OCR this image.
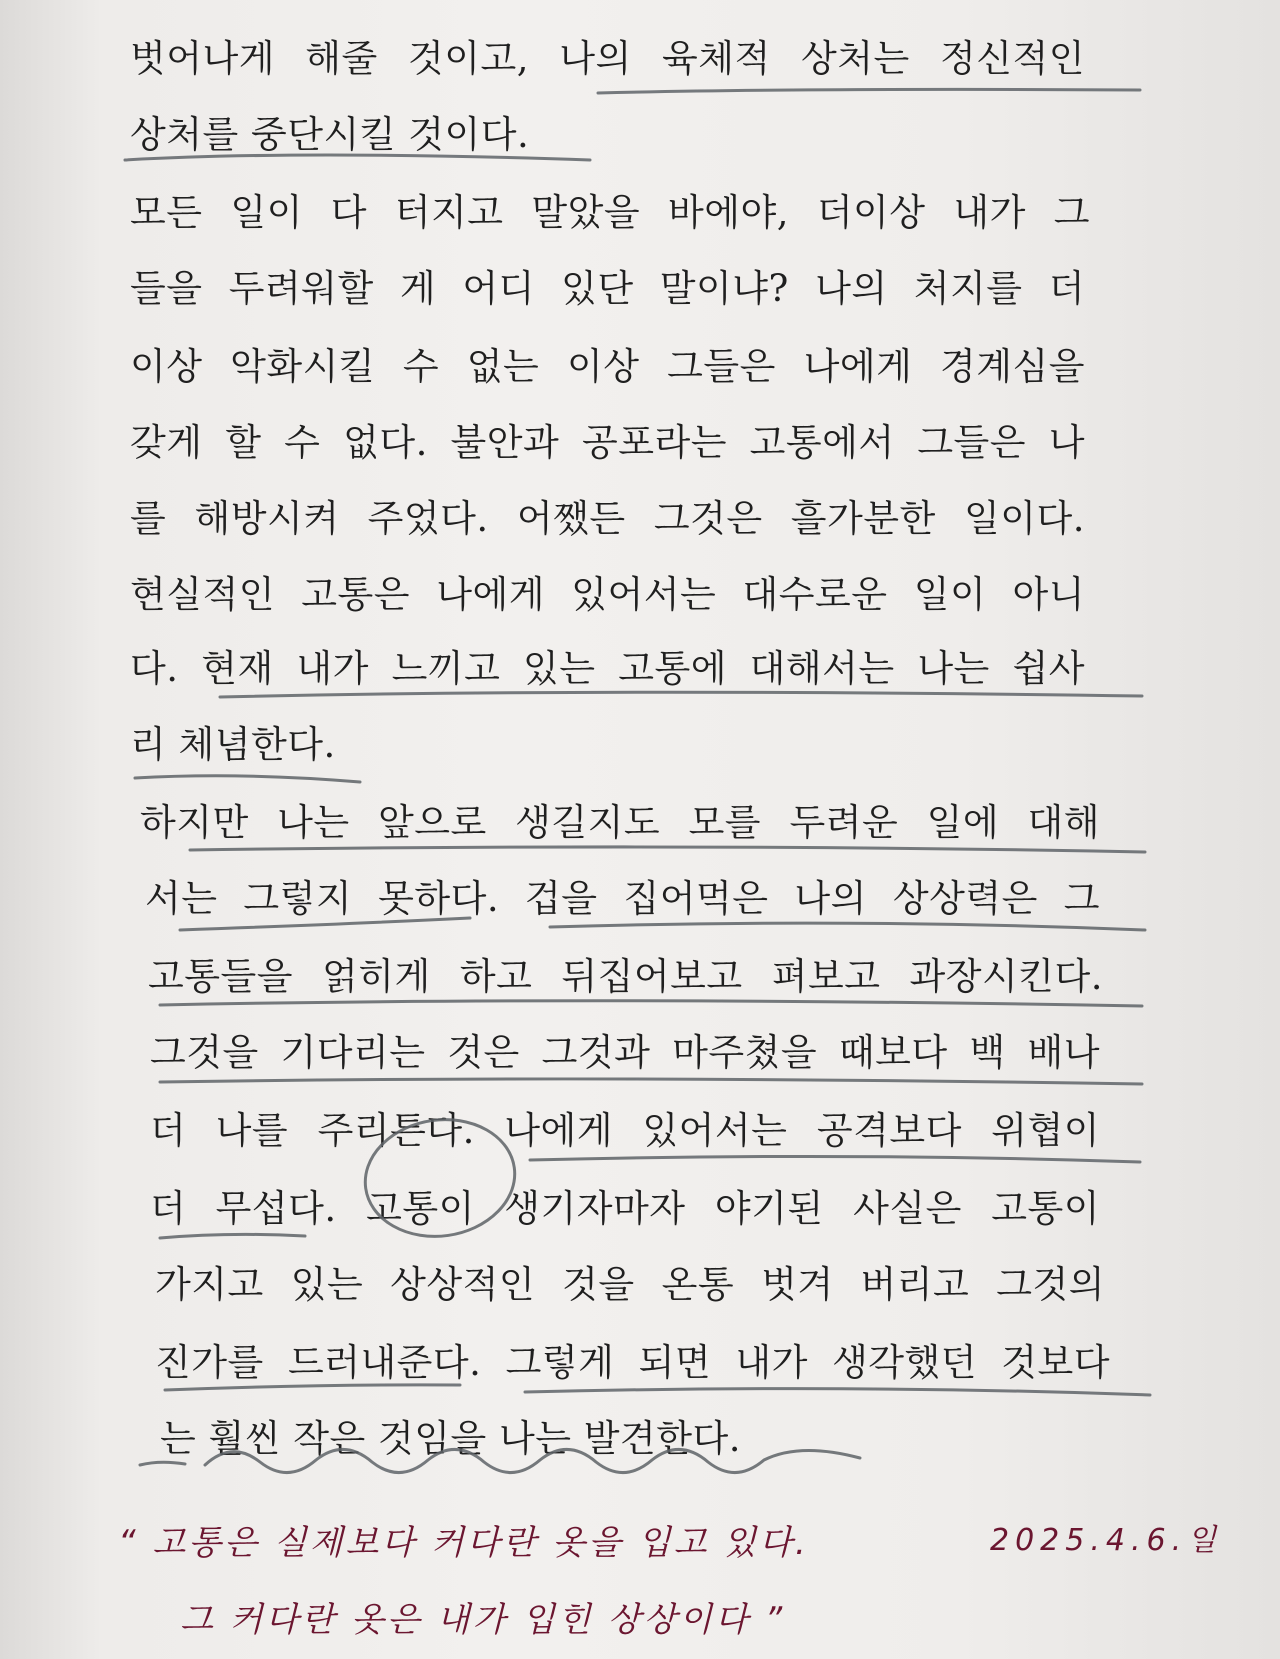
벗어나게 해줄 것이고, 나의 육체적 상처는 정신적인
상처를 중단시킬 것이다.
모든 일이 다 터지고 말았을 바에야, 더이상 내가 그
들을 두려워할 게 어디 있단 말이냐? 나의 처지를 더
이상 악화시킬 수 없는 이상 그들은 나에게 경계심을
갖게 할 수 없다. 불안과 공포라는 고통에서 그들은 나
를 해방시켜 주었다. 어쨌든 그것은 흘가분한 일이다.
현실적인 고통은 나에게 있어서는 대수로운 일이 아니
다. 현재 내가 느끼고 있는 고통에 대해서는 나는 쉽사
리 체념한다.
하지만 나는 앞으로 생길지도 모를 두려운 일에 대해
서는 그렇지 못하다. 겁을 집어먹은 나의 상상력은 그
고통들을 얽히게 하고 뒤집어보고 펴보고 과장시킨다.
그것을 기다리는 것은 그것과 마주쳤을 때보다 백 배나
더 나를 주리튼다. 나에게 있어서는 공격보다 위협이
더 무섭다. 고통이 생기자마자 야기된 사실은 고통이
가지고 있는 상상적인 것을 온통 벗겨 버리고 그것의
진가를 드러내준다. 그렇게 되면 내가 생각했던 것보다
는 훨씬 작은 것임을 나는 발견한다.
“ 고통은 실제보다 커다란 옷을 입고 있다.
그 커다란 옷은 내가 입힌 상상이다 ”
2025.4.6.일
